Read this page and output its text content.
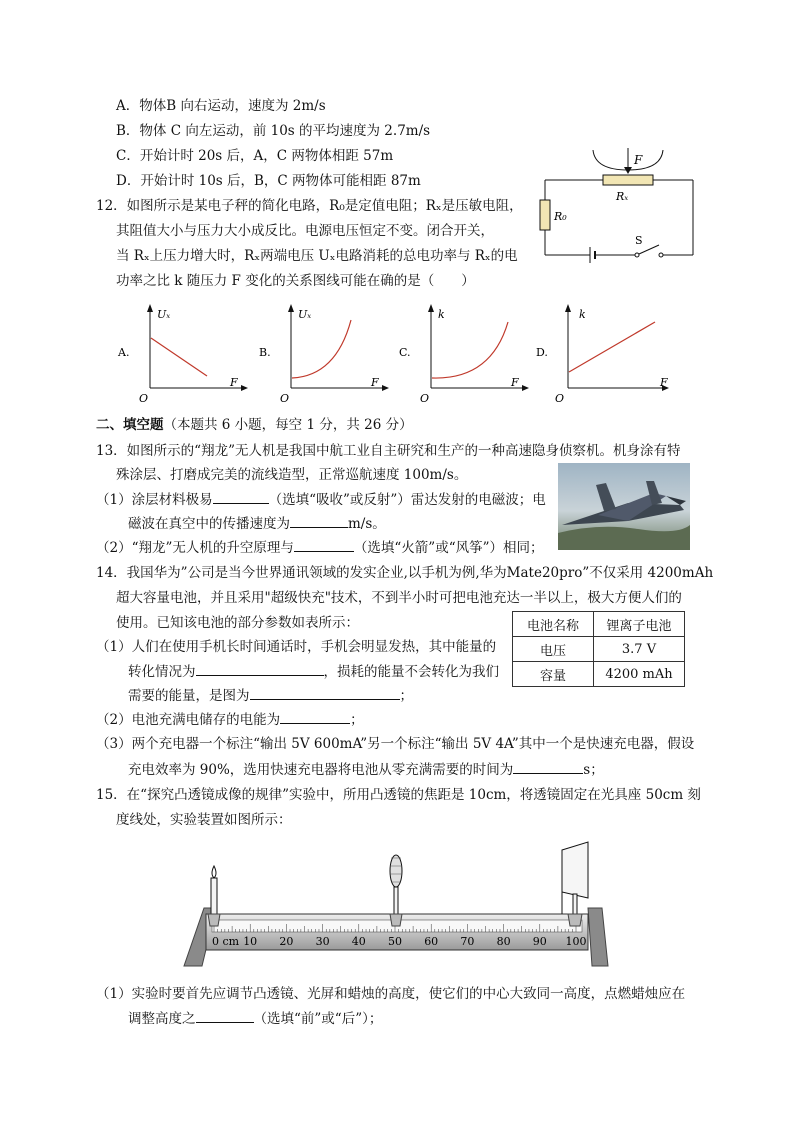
A．物体B 向右运动，速度为 2m/s
B．物体 C 向左运动，前 10s 的平均速度为 2.7m/s
C．开始计时 20s 后，A，C 两物体相距 57m
D．开始计时 10s 后，B，C 两物体可能相距 87m
12．如图所示是某电子秤的简化电路，R₀是定值电阻；Rₓ是压敏电阻，
其阻值大小与压力大小成反比。电源电压恒定不变。闭合开关，
当 Rₓ上压力增大时，Rₓ两端电压 Uₓ电路消耗的总电功率与 Rₓ的电
功率之比 k 随压力 F 变化的关系图线可能在确的是（　　）
F
Rₓ
R₀
S
A.
Uₓ
F
O
B.
Uₓ
F
O
C.
k
F
O
D.
k
F
O
二、填空题（本题共 6 小题，每空 1 分，共 26 分）
13．如图所示的“翔龙”无人机是我国中航工业自主研究和生产的一种高速隐身侦察机。机身涂有特
殊涂层、打磨成完美的流线造型，正常巡航速度 100m/s。
（1）涂层材料极易	（选填“吸收”或反射”）雷达发射的电磁波；电
磁波在真空中的传播速度为	m/s。
（2）“翔龙”无人机的升空原理与	（选填“火箭”或“风筝”）相同；
14．我国华为”公司是当今世界通讯领域的发实企业,以手机为例,华为Mate20pro”不仅采用 4200mAh
超大容量电池，并且采用"超级快充"技术，不到半小时可把电池充达一半以上，极大方便人们的
使用。已知该电池的部分参数如表所示：	电池名称	锂离子电池
电压	3.7 V
容量	4200 mAh
（1）人们在使用手机长时间通话时，手机会明显发热，其中能量的
转化情况为	，损耗的能量不会转化为我们
需要的能量，是图为	；
（2）电池充满电储存的电能为	；
（3）两个充电器一个标注“输出 5V 600mA”另一个标注“输出 5V 4A”其中一个是快速充电器，假设
充电效率为 90%，选用快速充电器将电池从零充满需要的时间为	s；
15．在“探究凸透镜成像的规律”实验中，所用凸透镜的焦距是 10cm，将透镜固定在光具座 50cm 刻
度线处，实验装置如图所示：
0 cm 10 20 30 40 50 60 70 80 90 100
（1）实验时要首先应调节凸透镜、光屏和蜡烛的高度，使它们的中心大致同一高度，点燃蜡烛应在
调整高度之	（选填“前”或“后”）；
